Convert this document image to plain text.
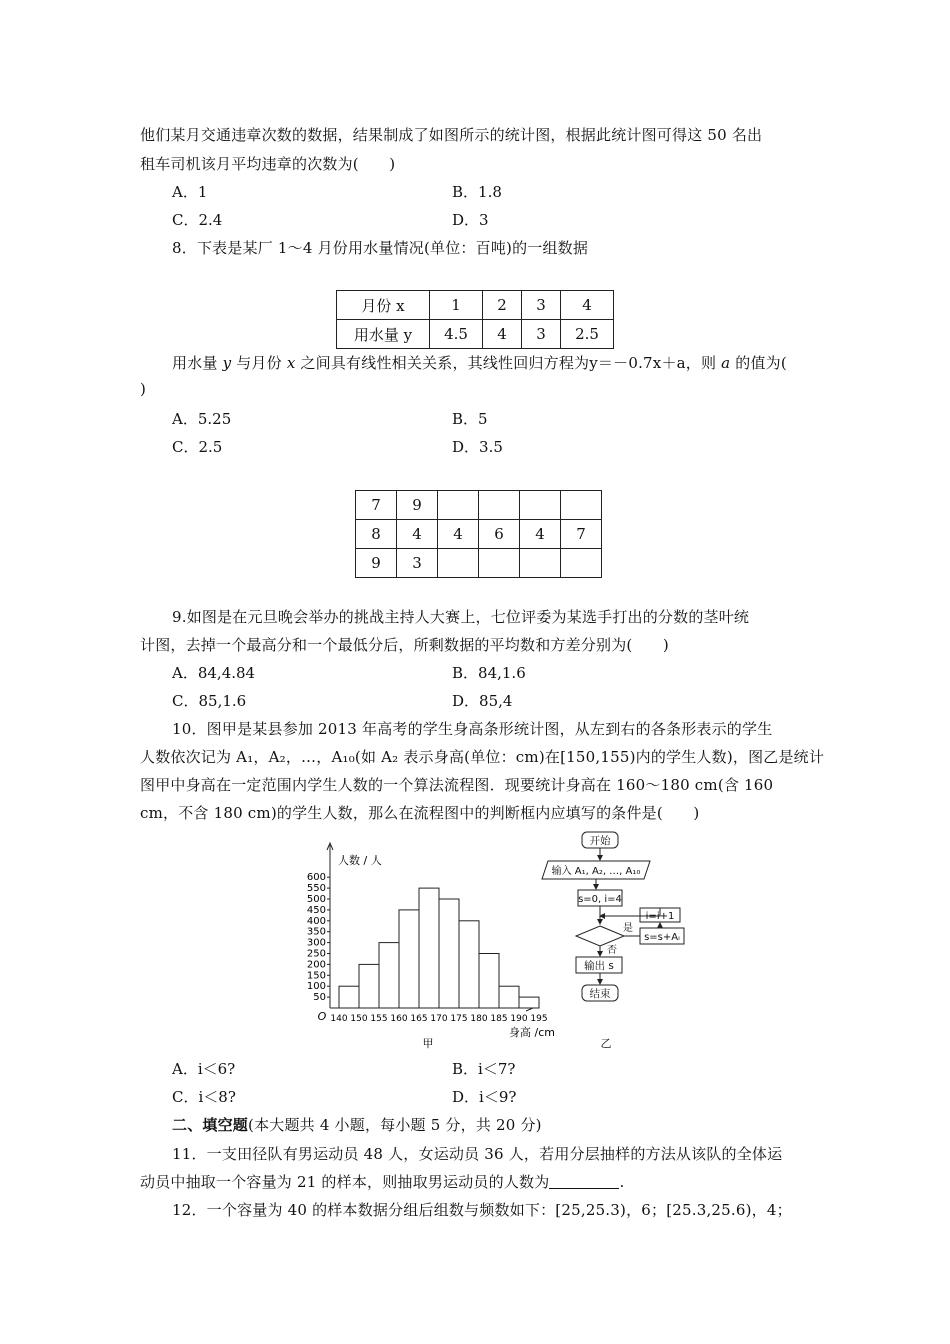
他们某月交通违章次数的数据，结果制成了如图所示的统计图，根据此统计图可得这 50 名出
租车司机该月平均违章的次数为(　　)
A．1	B．1.8
C．2.4	D．3
8．下表是某厂 1～4 月份用水量情况(单位：百吨)的一组数据
月份 x	1	2	3	4
用水量 y	4.5	4	3	2.5
用水量 y 与月份 x 之间具有线性相关关系，其线性回归方程为y＝－0.7x＋a，则 a 的值为(
)
A．5.25	B．5
C．2.5	D．3.5
7	9				
8	4	4	6	4	7
9	3				
9.如图是在元旦晚会举办的挑战主持人大赛上，七位评委为某选手打出的分数的茎叶统
计图，去掉一个最高分和一个最低分后，所剩数据的平均数和方差分别为(　　)
A．84,4.84	B．84,1.6
C．85,1.6	D．85,4
10．图甲是某县参加 2013 年高考的学生身高条形统计图，从左到右的各条形表示的学生
人数依次记为 A₁，A₂，…，A₁₀(如 A₂ 表示身高(单位：cm)在[150,155)内的学生人数)，图乙是统计
图甲中身高在一定范围内学生人数的一个算法流程图．现要统计身高在 160～180 cm(含 160
cm，不含 180 cm)的学生人数，那么在流程图中的判断框内应填写的条件是(　　)
50
100
150
200
250
300
350
400
450
500
550
600
140 150 155 160 165 170 175 180 185 190 195
O
人数 / 人
身高 /cm
甲
开始
输入 A₁, A₂, …, A₁₀
s=0, i=4
i=i+1
s=s+Aᵢ
是
否
输出 s
结束
乙
A．i＜6?	B．i＜7?
C．i＜8?	D．i＜9?
二、填空题(本大题共 4 小题，每小题 5 分，共 20 分)
11．一支田径队有男运动员 48 人，女运动员 36 人，若用分层抽样的方法从该队的全体运
动员中抽取一个容量为 21 的样本，则抽取男运动员的人数为	.
12．一个容量为 40 的样本数据分组后组数与频数如下：[25,25.3)，6；[25.3,25.6)，4；
